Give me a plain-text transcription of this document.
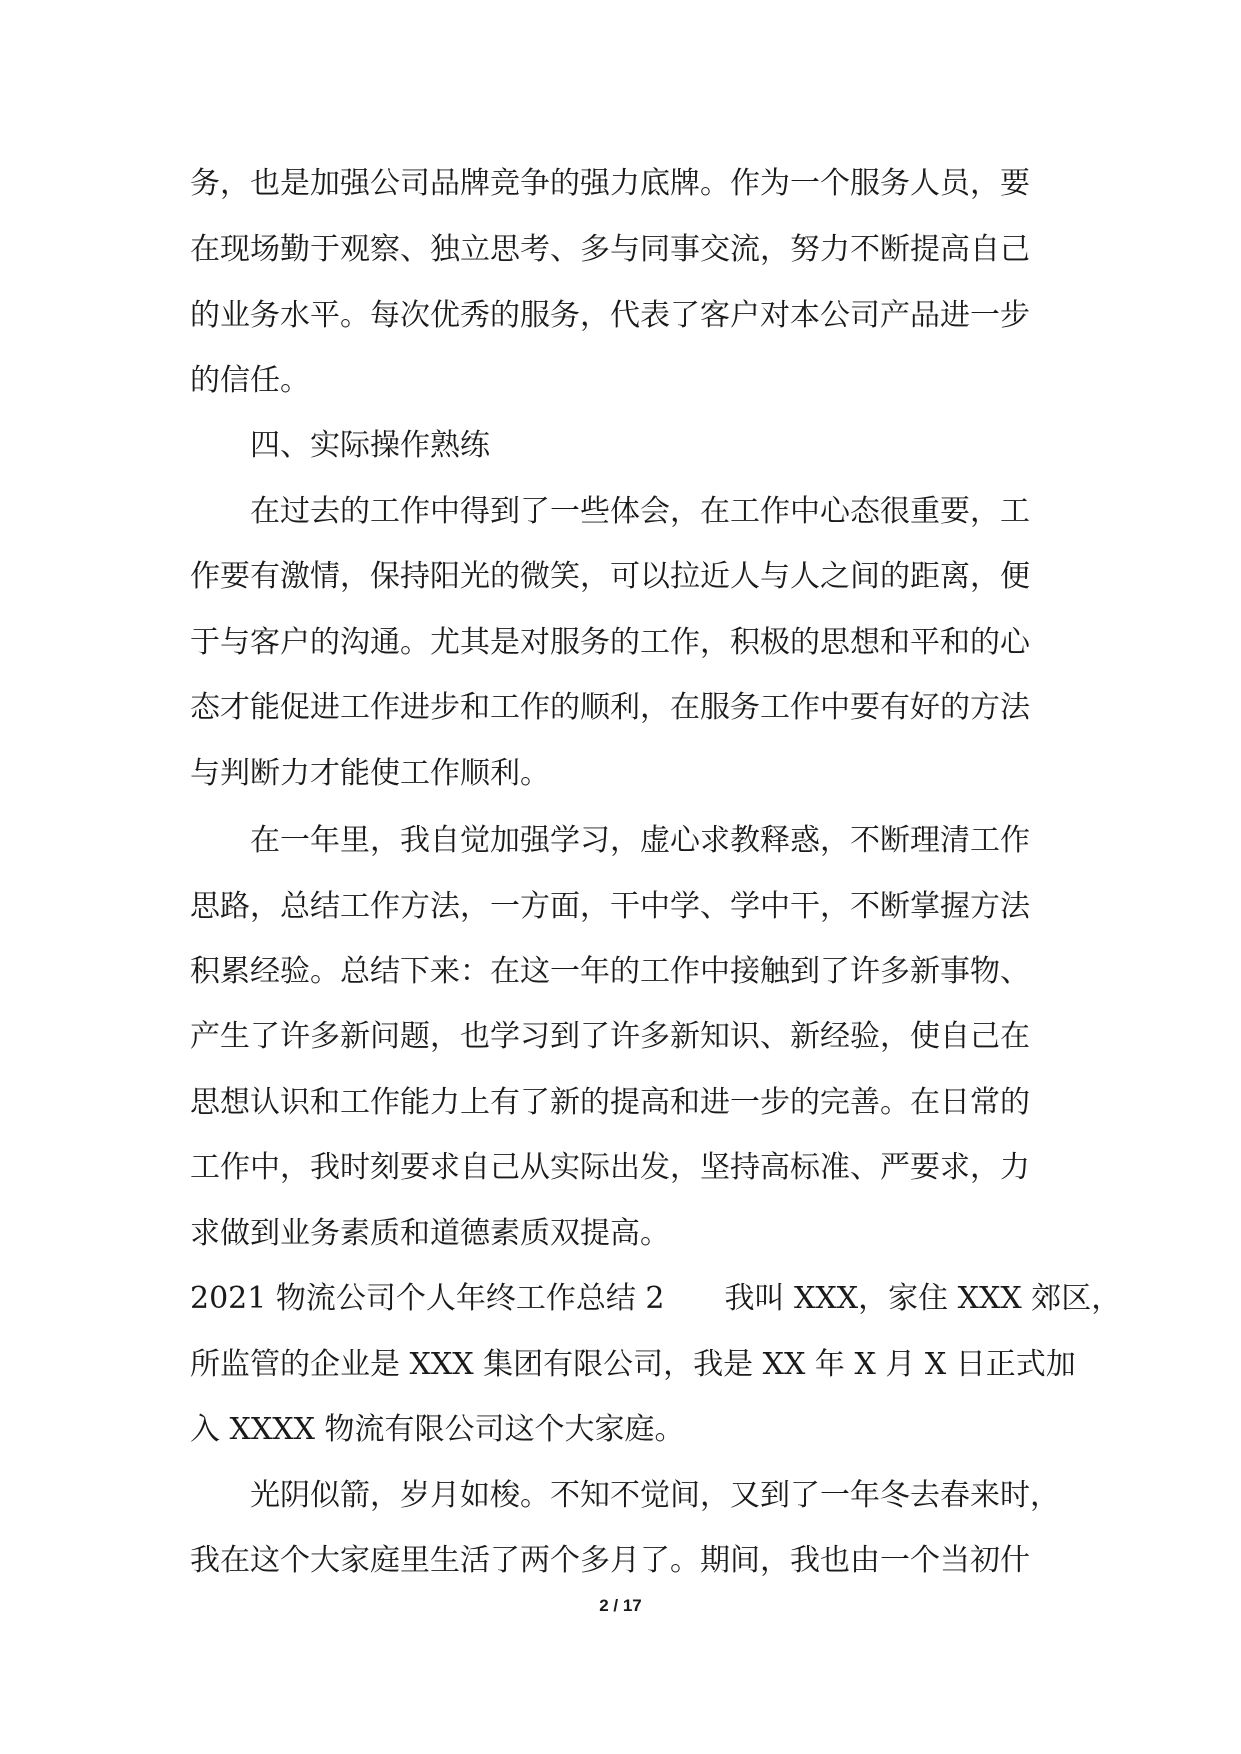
务，也是加强公司品牌竞争的强力底牌。作为一个服务人员，要
在现场勤于观察、独立思考、多与同事交流，努力不断提高自己
的业务水平。每次优秀的服务，代表了客户对本公司产品进一步
的信任。
　　四、实际操作熟练
　　在过去的工作中得到了一些体会，在工作中心态很重要，工
作要有激情，保持阳光的微笑，可以拉近人与人之间的距离，便
于与客户的沟通。尤其是对服务的工作，积极的思想和平和的心
态才能促进工作进步和工作的顺利，在服务工作中要有好的方法
与判断力才能使工作顺利。
　　在一年里，我自觉加强学习，虚心求教释惑，不断理清工作
思路，总结工作方法，一方面，干中学、学中干，不断掌握方法
积累经验。总结下来：在这一年的工作中接触到了许多新事物、
产生了许多新问题，也学习到了许多新知识、新经验，使自己在
思想认识和工作能力上有了新的提高和进一步的完善。在日常的
工作中，我时刻要求自己从实际出发，坚持高标准、严要求，力
求做到业务素质和道德素质双提高。
2021 物流公司个人年终工作总结 2　　我叫 XXX，家住 XXX 郊区，
所监管的企业是 XXX 集团有限公司，我是 XX 年 X 月 X 日正式加
入 XXXX 物流有限公司这个大家庭。
　　光阴似箭，岁月如梭。不知不觉间，又到了一年冬去春来时，
我在这个大家庭里生活了两个多月了。期间，我也由一个当初什
2 / 17
